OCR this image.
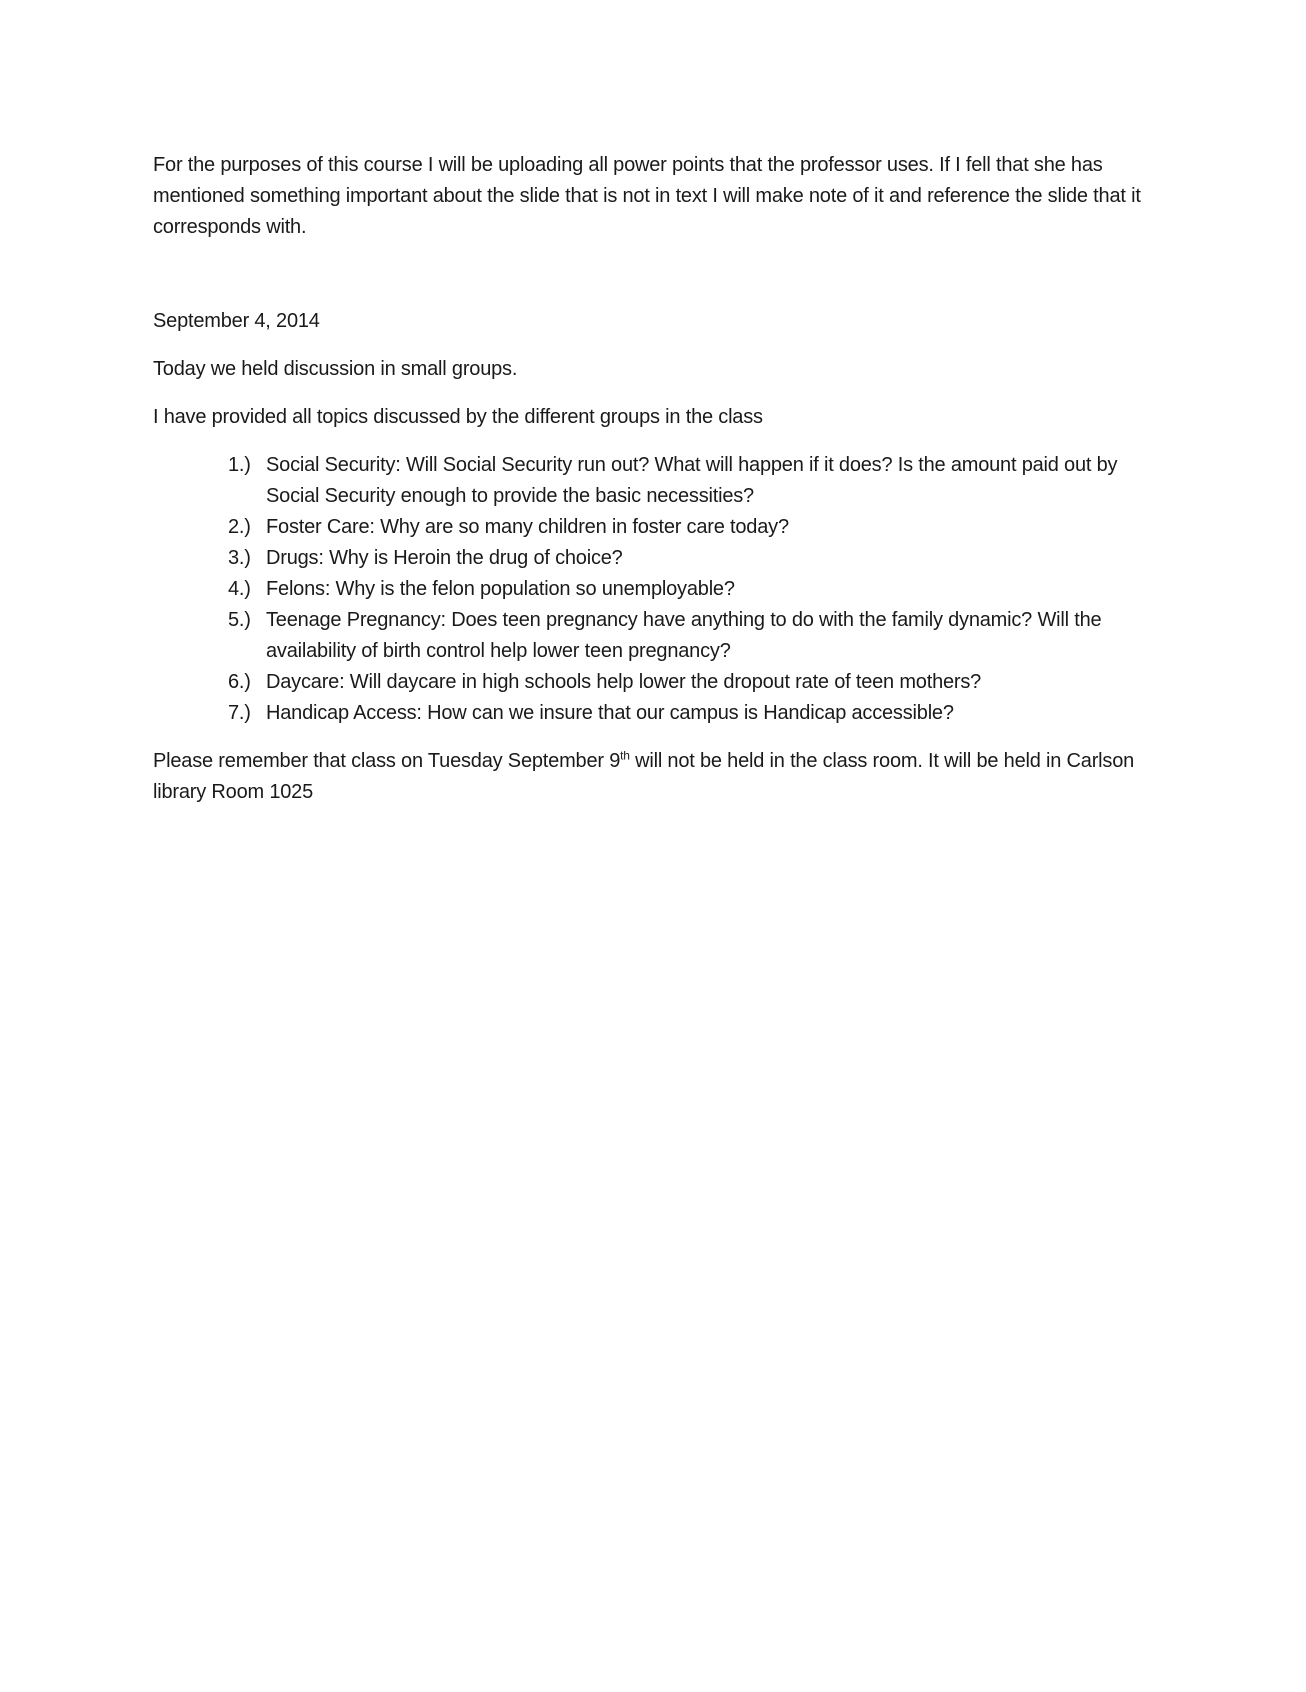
For the purposes of this course I will be uploading all power points that the professor uses. If I fell that she has mentioned something important about the slide that is not in text I will make note of it and reference the slide that it corresponds with.

September 4, 2014

Today we held discussion in small groups.

I have provided all topics discussed by the different groups in the class

1.) Social Security: Will Social Security run out? What will happen if it does? Is the amount paid out by Social Security enough to provide the basic necessities?
2.) Foster Care: Why are so many children in foster care today?
3.) Drugs: Why is Heroin the drug of choice?
4.) Felons: Why is the felon population so unemployable?
5.) Teenage Pregnancy: Does teen pregnancy have anything to do with the family dynamic? Will the availability of birth control help lower teen pregnancy?
6.) Daycare: Will daycare in high schools help lower the dropout rate of teen mothers?
7.) Handicap Access: How can we insure that our campus is Handicap accessible?

Please remember that class on Tuesday September 9th will not be held in the class room. It will be held in Carlson library Room 1025
